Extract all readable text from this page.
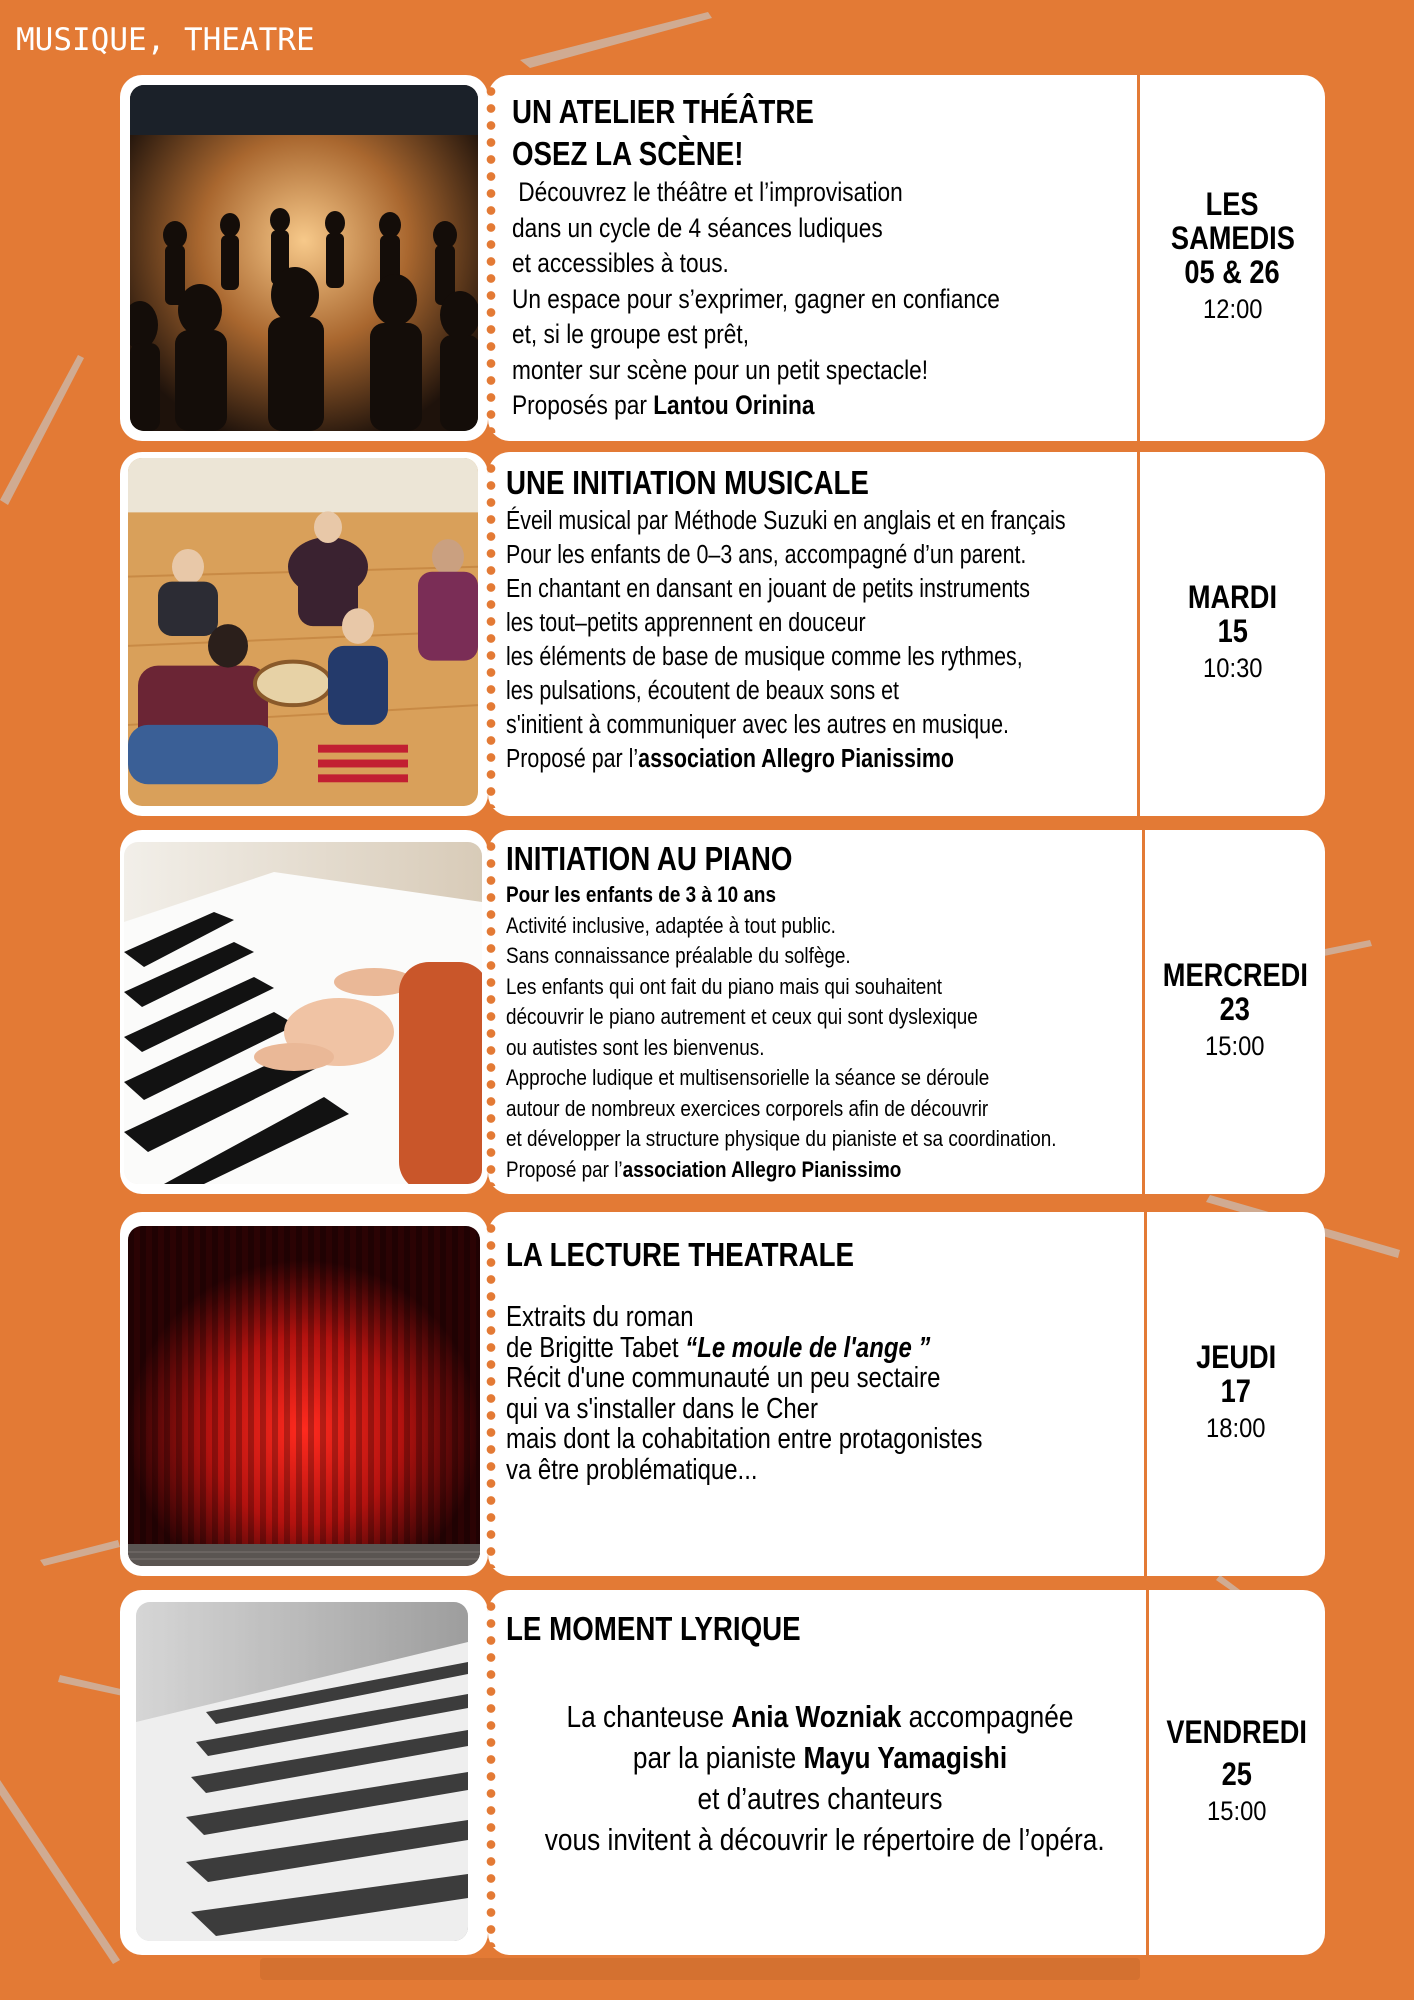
MUSIQUE, THEATRE
UN ATELIER THÉÂTRE
OSEZ LA SCÈNE!
Découvrez le théâtre et l’improvisation
dans un cycle de 4 séances ludiques
et accessibles à tous.
Un espace pour s’exprimer, gagner en confiance
et, si le groupe est prêt,
monter sur scène pour un petit spectacle!
Proposés par Lantou Orinina
LES
SAMEDIS
05 & 26
12:00
UNE INITIATION MUSICALE
Éveil musical par Méthode Suzuki en anglais et en français
Pour les enfants de 0–3 ans, accompagné d’un parent.
En chantant en dansant en jouant de petits instruments
les tout–petits apprennent en douceur
les éléments de base de musique comme les rythmes,
les pulsations, écoutent de beaux sons et
s'initient à communiquer avec les autres en musique.
Proposé par l’association Allegro Pianissimo
MARDI
15
10:30
INITIATION AU PIANO
Pour les enfants de 3 à 10 ans
Activité inclusive, adaptée à tout public.
Sans connaissance préalable du solfège.
Les enfants qui ont fait du piano mais qui souhaitent
découvrir le piano autrement et ceux qui sont dyslexique
ou autistes sont les bienvenus.
Approche ludique et multisensorielle la séance se déroule
autour de nombreux exercices corporels afin de découvrir
et développer la structure physique du pianiste et sa coordination.
Proposé par l’association Allegro Pianissimo
MERCREDI
23
15:00
LA LECTURE THEATRALE
Extraits du roman
de Brigitte Tabet “Le moule de l'ange ”
Récit d'une communauté un peu sectaire
qui va s'installer dans le Cher
mais dont la cohabitation entre protagonistes
va être problématique...
JEUDI
17
18:00
LE MOMENT LYRIQUE
La chanteuse Ania Wozniak accompagnée
par la pianiste Mayu Yamagishi
et d’autres chanteurs
vous invitent à découvrir le répertoire de l’opéra.
VENDREDI
25
15:00
